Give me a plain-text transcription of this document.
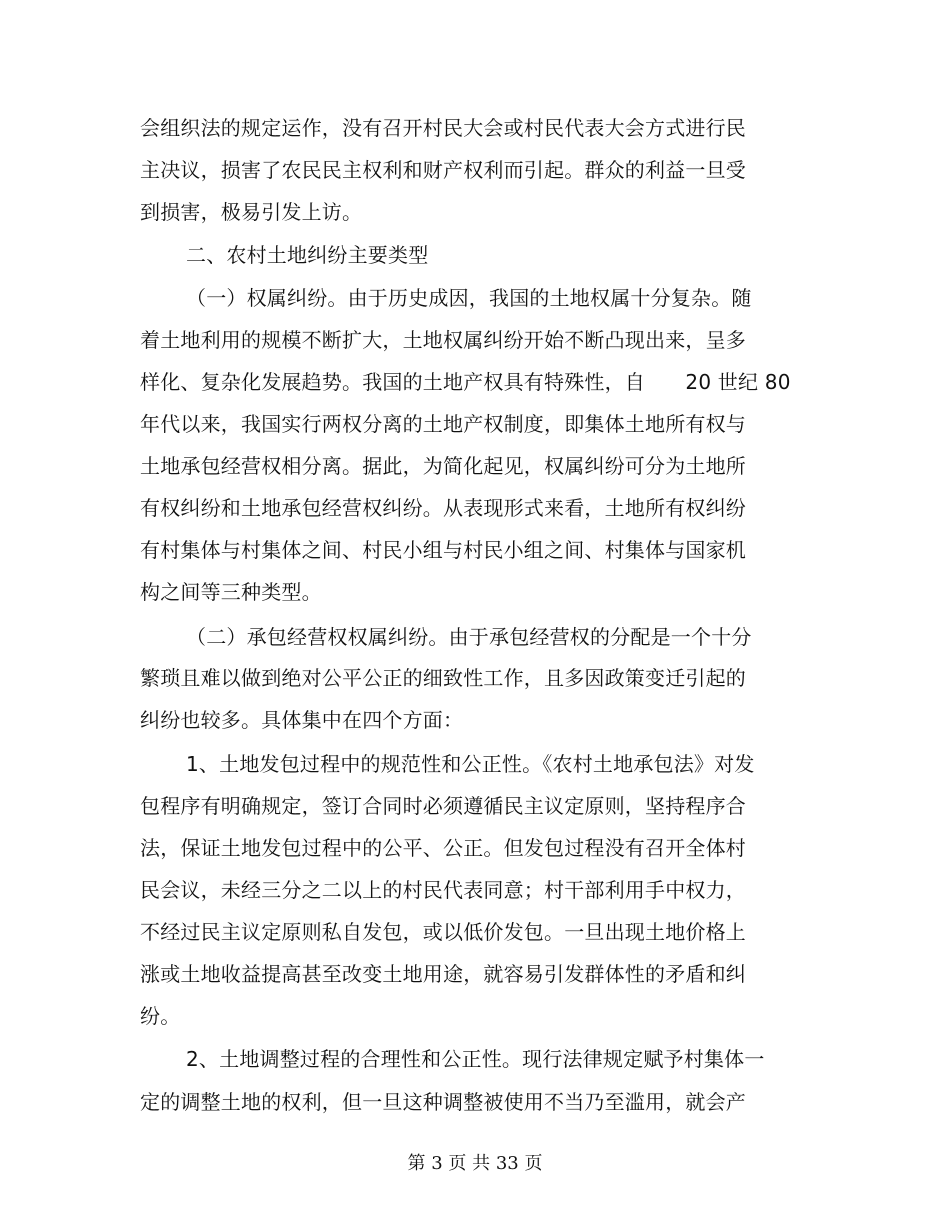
会组织法的规定运作，没有召开村民大会或村民代表大会方式进行民
主决议，损害了农民民主权利和财产权利而引起。群众的利益一旦受
到损害，极易引发上访。
二、农村土地纠纷主要类型
（一）权属纠纷。由于历史成因，我国的土地权属十分复杂。随
着土地利用的规模不断扩大，土地权属纠纷开始不断凸现出来，呈多
样化、复杂化发展趋势。我国的土地产权具有特殊性，自　　20 世纪 80
年代以来，我国实行两权分离的土地产权制度，即集体土地所有权与
土地承包经营权相分离。据此，为简化起见，权属纠纷可分为土地所
有权纠纷和土地承包经营权纠纷。从表现形式来看，土地所有权纠纷
有村集体与村集体之间、村民小组与村民小组之间、村集体与国家机
构之间等三种类型。
（二）承包经营权权属纠纷。由于承包经营权的分配是一个十分
繁琐且难以做到绝对公平公正的细致性工作，且多因政策变迁引起的
纠纷也较多。具体集中在四个方面：
1、土地发包过程中的规范性和公正性。《农村土地承包法》对发
包程序有明确规定，签订合同时必须遵循民主议定原则，坚持程序合
法，保证土地发包过程中的公平、公正。但发包过程没有召开全体村
民会议，未经三分之二以上的村民代表同意；村干部利用手中权力，
不经过民主议定原则私自发包，或以低价发包。一旦出现土地价格上
涨或土地收益提高甚至改变土地用途，就容易引发群体性的矛盾和纠
纷。
2、土地调整过程的合理性和公正性。现行法律规定赋予村集体一
定的调整土地的权利，但一旦这种调整被使用不当乃至滥用，就会产
第 3 页 共 33 页
